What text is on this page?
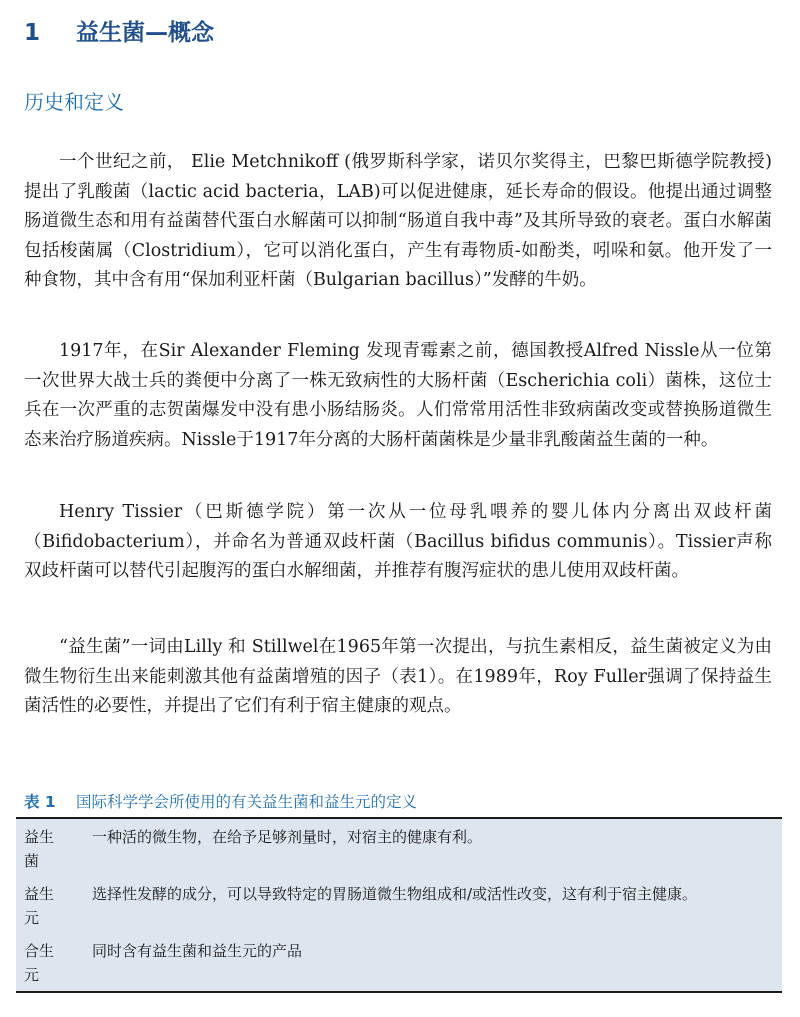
1 益生菌—概念
历史和定义

一个世纪之前， Elie Metchnikoff (俄罗斯科学家，诺贝尔奖得主，巴黎巴斯德学院教授)提出了乳酸菌（lactic acid bacteria，LAB)可以促进健康，延长寿命的假设。他提出通过调整肠道微生态和用有益菌替代蛋白水解菌可以抑制“肠道自我中毒”及其所导致的衰老。蛋白水解菌包括梭菌属（Clostridium），它可以消化蛋白，产生有毒物质-如酚类，吲哚和氨。他开发了一种食物，其中含有用“保加利亚杆菌（Bulgarian bacillus）”发酵的牛奶。

1917年，在Sir Alexander Fleming 发现青霉素之前，德国教授Alfred Nissle从一位第一次世界大战士兵的粪便中分离了一株无致病性的大肠杆菌（Escherichia coli）菌株，这位士兵在一次严重的志贺菌爆发中没有患小肠结肠炎。人们常常用活性非致病菌改变或替换肠道微生态来治疗肠道疾病。Nissle于1917年分离的大肠杆菌菌株是少量非乳酸菌益生菌的一种。

Henry Tissier（巴斯德学院）第一次从一位母乳喂养的婴儿体内分离出双歧杆菌（Bifidobacterium），并命名为普通双歧杆菌（Bacillus bifidus communis）。Tissier声称双歧杆菌可以替代引起腹泻的蛋白水解细菌，并推荐有腹泻症状的患儿使用双歧杆菌。

“益生菌”一词由Lilly 和 Stillwel在1965年第一次提出，与抗生素相反，益生菌被定义为由微生物衍生出来能刺激其他有益菌增殖的因子（表1）。在1989年，Roy Fuller强调了保持益生菌活性的必要性，并提出了它们有利于宿主健康的观点。

表 1 国际科学学会所使用的有关益生菌和益生元的定义
益生菌
一种活的微生物，在给予足够剂量时，对宿主的健康有利。
益生元
选择性发酵的成分，可以导致特定的胃肠道微生物组成和/或活性改变，这有利于宿主健康。
合生元
同时含有益生菌和益生元的产品
